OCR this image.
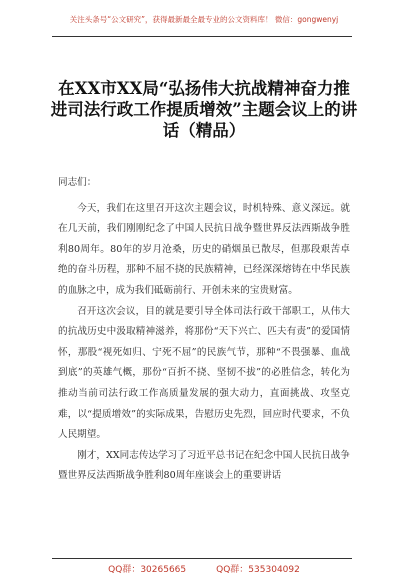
关注头条号“公文研究”，获得最新最全最专业的公文资料库！ 微信：gongwenyj
在XX市XX局“弘扬伟大抗战精神奋力推进司法行政工作提质增效”主题会议上的讲话（精品）

同志们：

今天，我们在这里召开这次主题会议，时机特殊、意义深远。就在几天前，我们刚刚纪念了中国人民抗日战争暨世界反法西斯战争胜利80周年。80年的岁月沧桑，历史的硝烟虽已散尽，但那段艰苦卓绝的奋斗历程，那种不屈不挠的民族精神，已经深深熔铸在中华民族的血脉之中，成为我们砥砺前行、开创未来的宝贵财富。

召开这次会议，目的就是要引导全体司法行政干部职工，从伟大的抗战历史中汲取精神滋养，将那份“天下兴亡、匹夫有责”的爱国情怀，那股“视死如归、宁死不屈”的民族气节，那种“不畏强暴、血战到底”的英雄气概，那份“百折不挠、坚韧不拔”的必胜信念，转化为推动当前司法行政工作高质量发展的强大动力，直面挑战、攻坚克难，以“提质增效”的实际成果，告慰历史先烈，回应时代要求，不负人民期望。

刚才，XX同志传达学习了习近平总书记在纪念中国人民抗日战争暨世界反法西斯战争胜利80周年座谈会上的重要讲话

QQ群：30265665	QQ群：535304092
